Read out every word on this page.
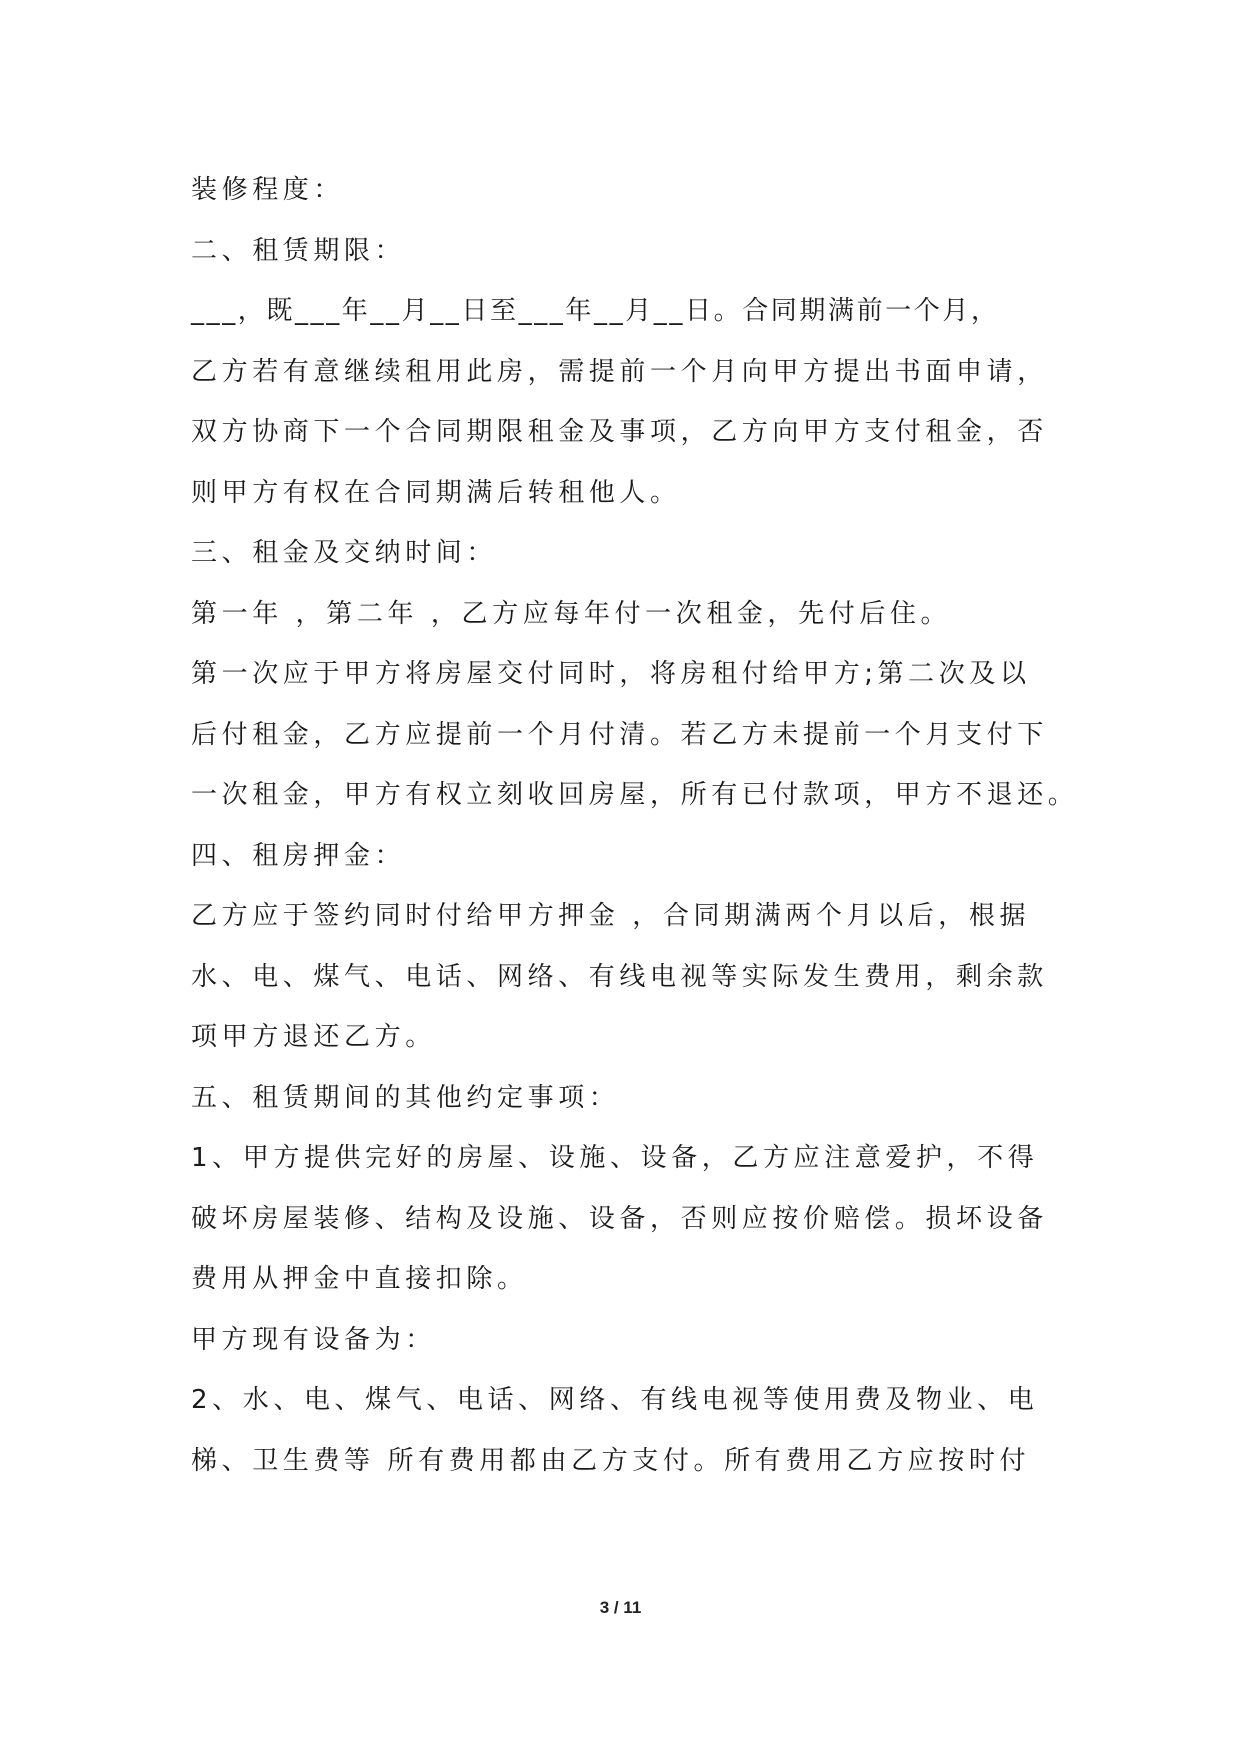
装修程度：
二、租赁期限：
___，既___年__月__日至___年__月__日。合同期满前一个月，
乙方若有意继续租用此房，需提前一个月向甲方提出书面申请，
双方协商下一个合同期限租金及事项，乙方向甲方支付租金，否
则甲方有权在合同期满后转租他人。
三、租金及交纳时间：
第一年 ，第二年 ，乙方应每年付一次租金，先付后住。
第一次应于甲方将房屋交付同时，将房租付给甲方;第二次及以
后付租金，乙方应提前一个月付清。若乙方未提前一个月支付下
一次租金，甲方有权立刻收回房屋，所有已付款项，甲方不退还。
四、租房押金：
乙方应于签约同时付给甲方押金 ，合同期满两个月以后，根据
水、电、煤气、电话、网络、有线电视等实际发生费用，剩余款
项甲方退还乙方。
五、租赁期间的其他约定事项：
1、甲方提供完好的房屋、设施、设备，乙方应注意爱护，不得
破坏房屋装修、结构及设施、设备，否则应按价赔偿。损坏设备
费用从押金中直接扣除。
甲方现有设备为：
2、水、电、煤气、电话、网络、有线电视等使用费及物业、电
梯、卫生费等 所有费用都由乙方支付。所有费用乙方应按时付
3 / 11
